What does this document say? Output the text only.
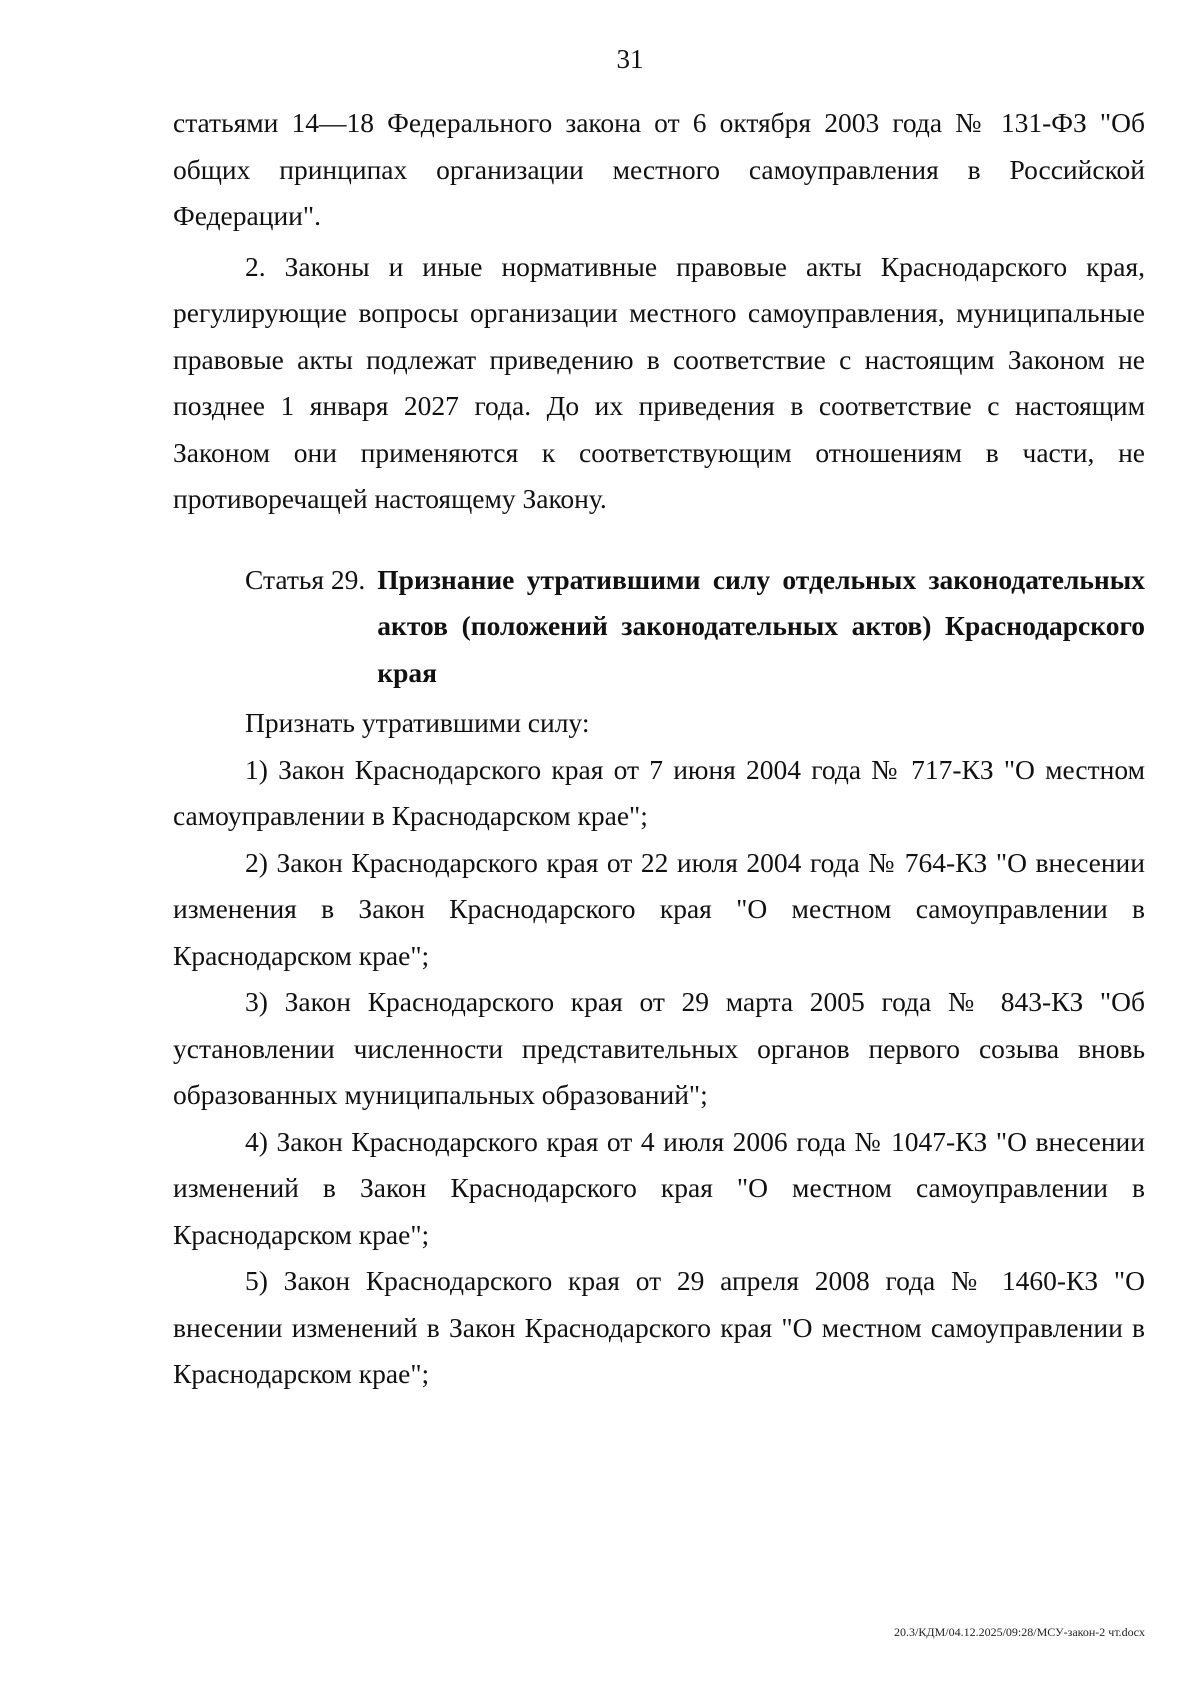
31

статьями 14—18 Федерального закона от 6 октября 2003 года № 131-ФЗ "Об общих принципах организации местного самоуправления в Российской Федерации".

2. Законы и иные нормативные правовые акты Краснодарского края, регулирующие вопросы организации местного самоуправления, муниципальные правовые акты подлежат приведению в соответствие с настоящим Законом не позднее 1 января 2027 года. До их приведения в соответствие с настоящим Законом они применяются к соответствующим отношениям в части, не противоречащей настоящему Закону.

Статья 29. Признание утратившими силу отдельных законодательных актов (положений законодательных актов) Краснодарского края

Признать утратившими силу:

1) Закон Краснодарского края от 7 июня 2004 года № 717-КЗ "О местном самоуправлении в Краснодарском крае";

2) Закон Краснодарского края от 22 июля 2004 года № 764-КЗ "О внесении изменения в Закон Краснодарского края "О местном самоуправлении в Краснодарском крае";

3) Закон Краснодарского края от 29 марта 2005 года № 843-КЗ "Об установлении численности представительных органов первого созыва вновь образованных муниципальных образований";

4) Закон Краснодарского края от 4 июля 2006 года № 1047-КЗ "О внесении изменений в Закон Краснодарского края "О местном самоуправлении в Краснодарском крае";

5) Закон Краснодарского края от 29 апреля 2008 года № 1460-КЗ "О внесении изменений в Закон Краснодарского края "О местном самоуправлении в Краснодарском крае";

20.3/КДМ/04.12.2025/09:28/МСУ-закон-2 чт.docx
